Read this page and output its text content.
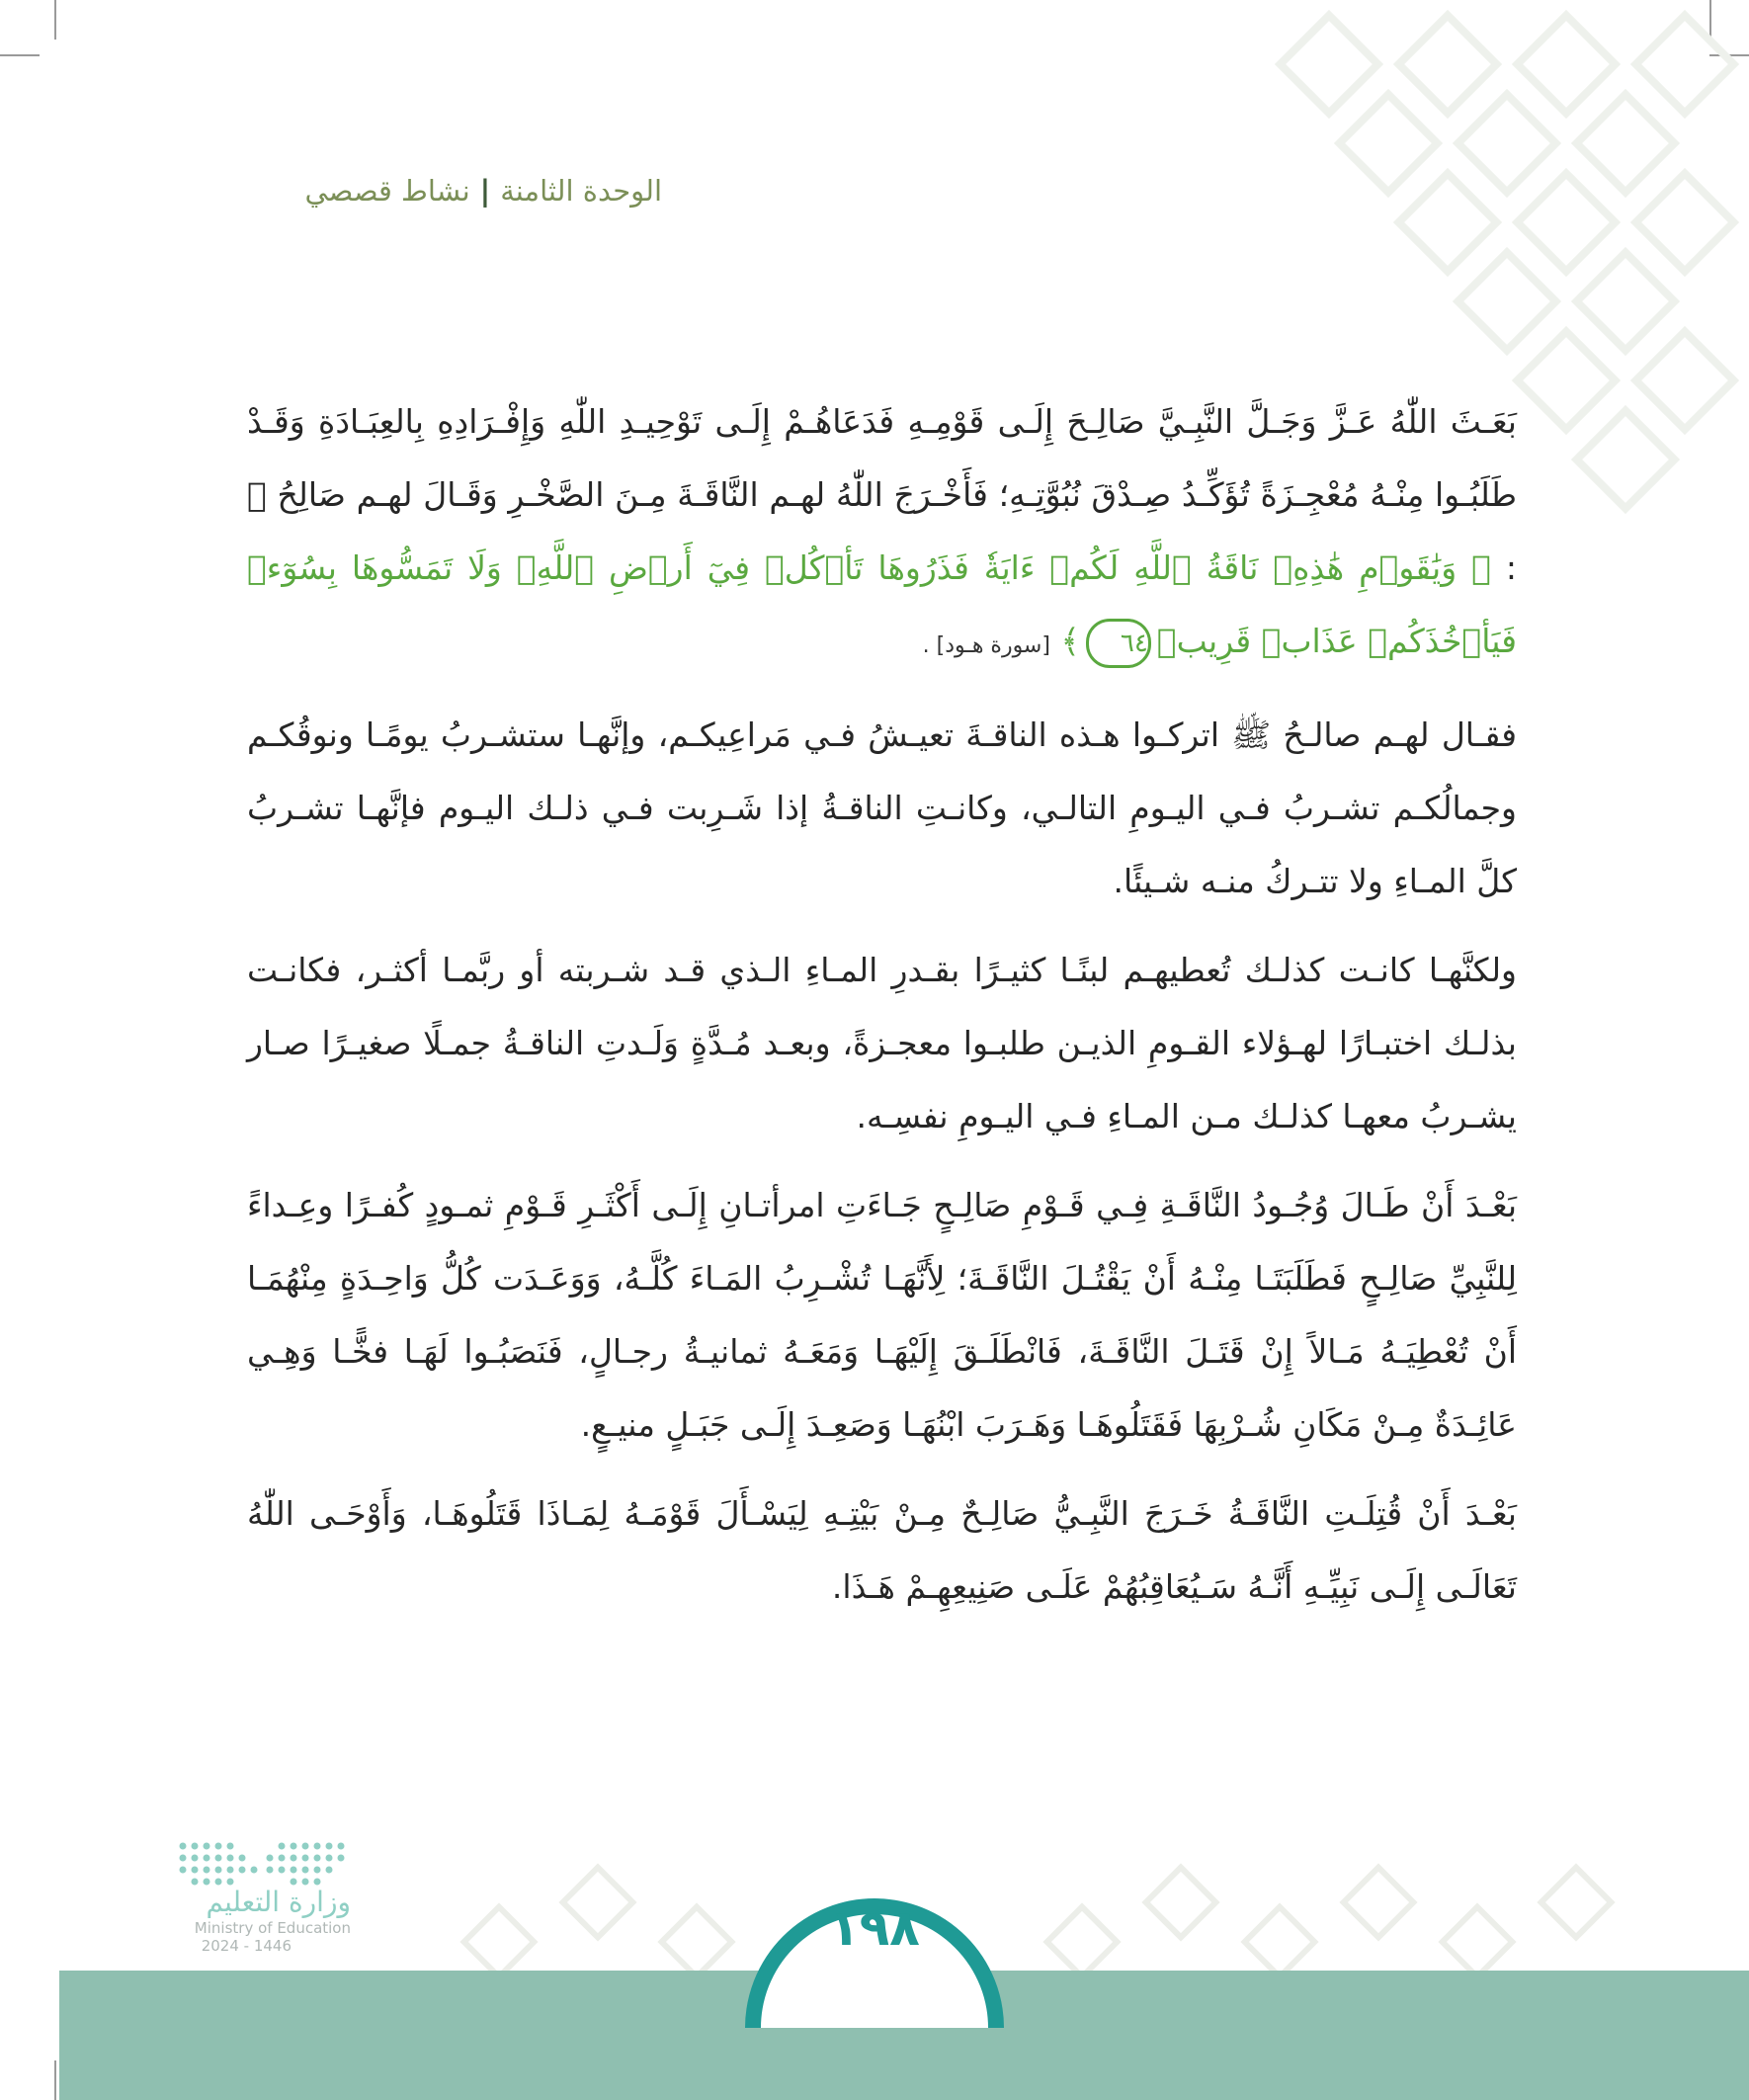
الوحدة الثامنة|نشاط قصصي

بَعَـثَ اللّٰهُ عَـزَّ وَجَـلَّ النَّبِـيَّ صَالِـحَ إِلَـى قَوْمِـهِ فَدَعَاهُـمْ إِلَـى تَوْحِيـدِ اللّٰهِ وَإِفْـرَادِهِ بِالعِبَـادَةِ وَقَـدْ طَلَبُـوا مِنْـهُ مُعْجِـزَةً تُؤَكِّـدُ صِـدْقَ نُبُوَّتِـهِ؛ فَأَخْـرَجَ اللّٰهُ لهـم النَّاقَـةَ مِـنَ الصَّخْـرِ وَقَـالَ لهـم صَالِحُ ﷺ : ﴿ وَيَٰقَوۡمِ هَٰذِهِۦ نَاقَةُ ٱللَّهِ لَكُمۡ ءَايَةٗ فَذَرُوهَا تَأۡكُلۡ فِيٓ أَرۡضِ ٱللَّهِۖ وَلَا تَمَسُّوهَا بِسُوٓءٖ فَيَأۡخُذَكُمۡ عَذَابٞ قَرِيبٞ٦٤﴾ [سورة هـود] .

فقـال لهـم صالـحُ ﷺ اتركـوا هـذه الناقـةَ تعيـشُ فـي مَراعِيكـم، وإنَّهـا ستشـربُ يومًـا ونوقُكـم وجمالُكـم تشـربُ فـي اليـومِ التالـي، وكانـتِ الناقـةُ إذا شَـرِبت فـي ذلـك اليـوم فإنَّهـا تشـربُ كلَّ المـاءِ ولا تتـركُ منـه شـيئًا.

ولكنَّهـا كانـت كذلـك تُعطيهـم لبنًـا كثيـرًا بقـدرِ المـاءِ الـذي قـد شـربته أو ربَّمـا أكثـر، فكانـت بذلـك اختبـارًا لهـؤلاء القـومِ الذيـن طلبـوا معجـزةً، وبعـد مُـدَّةٍ وَلَـدتِ الناقـةُ جمـلًا صغيـرًا صـار يشـربُ معهـا كذلـك مـن المـاءِ فـي اليـومِ نفسِـه.

بَعْـدَ أَنْ طَـالَ وُجُـودُ النَّاقَـةِ فِـي قَـوْمِ صَالِـحٍ جَـاءَتِ امرأتـانِ إِلَـى أَكْثَـرِ قَـوْمِ ثمـودٍ كُفـرًا وعِـداءً لِلنَّبِيِّ صَالِـحٍ فَطَلَبَتَـا مِنْـهُ أَنْ يَقْتُـلَ النَّاقَـةَ؛ لِأَنَّهَـا تُشْـرِبُ المَـاءَ كُلَّـهُ، وَوَعَـدَت كُلُّ وَاحِـدَةٍ مِنْهُمَـا أَنْ تُعْطِيَـهُ مَـالاً إِنْ قَتَـلَ النَّاقَـةَ، فَانْطَلَـقَ إِلَيْهَـا وَمَعَـهُ ثمانيـةُ رجـالٍ، فَنَصَبُـوا لَهَـا فخًّـا وَهِـي عَائِـدَةٌ مِـنْ مَكَانِ شُـرْبِهَا فَقَتَلُوهَـا وَهَـرَبَ ابْنُهَـا وَصَعِـدَ إِلَـى جَبَـلٍ منيـعٍ.

بَعْـدَ أَنْ قُتِلَـتِ النَّاقَـةُ خَـرَجَ النَّبِـيُّ صَالِـحٌ مِـنْ بَيْتِـهِ لِيَسْـأَلَ قَوْمَـهُ لِمَـاذَا قَتَلُوهَـا، وَأَوْحَـى اللّٰهُ تَعَالَـى إِلَـى نَبِيِّـهِ أَنَّـهُ سَـيُعَاقِبُهُمْ عَلَـى صَنِيعِهِـمْ هَـذَا.

١٩٨
وزارة التعليم
Ministry of Education
2024 - 1446
